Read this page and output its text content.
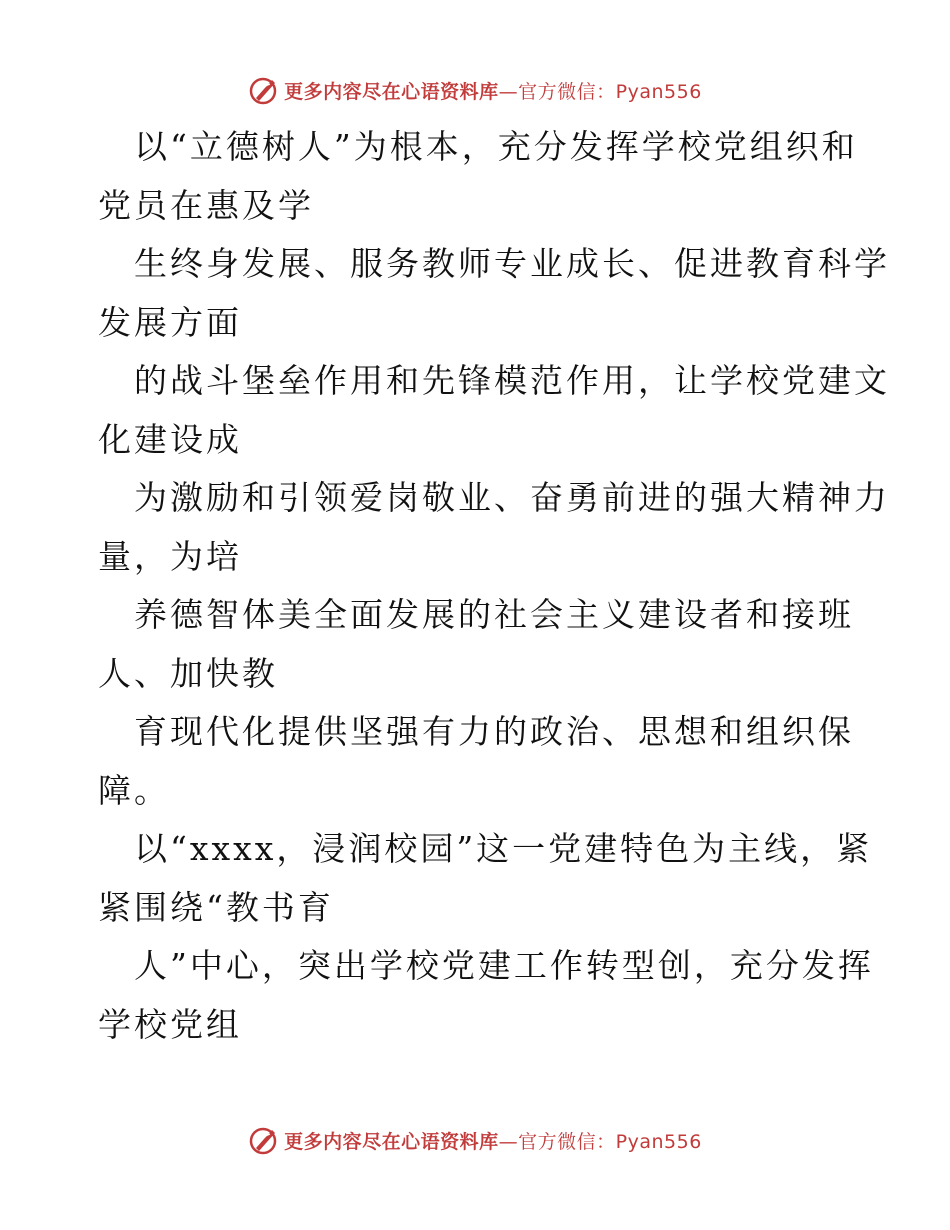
更多内容尽在心语资料库—官方微信：Pyan556

以“立德树人”为根本，充分发挥学校党组织和
党员在惠及学

生终身发展、服务教师专业成长、促进教育科学
发展方面

的战斗堡垒作用和先锋模范作用，让学校党建文
化建设成

为激励和引领爱岗敬业、奋勇前进的强大精神力
量，为培

养德智体美全面发展的社会主义建设者和接班
人、加快教

育现代化提供坚强有力的政治、思想和组织保
障。

以“xxxx，浸润校园”这一党建特色为主线，紧
紧围绕“教书育

人”中心，突出学校党建工作转型创，充分发挥
学校党组

更多内容尽在心语资料库—官方微信：Pyan556
